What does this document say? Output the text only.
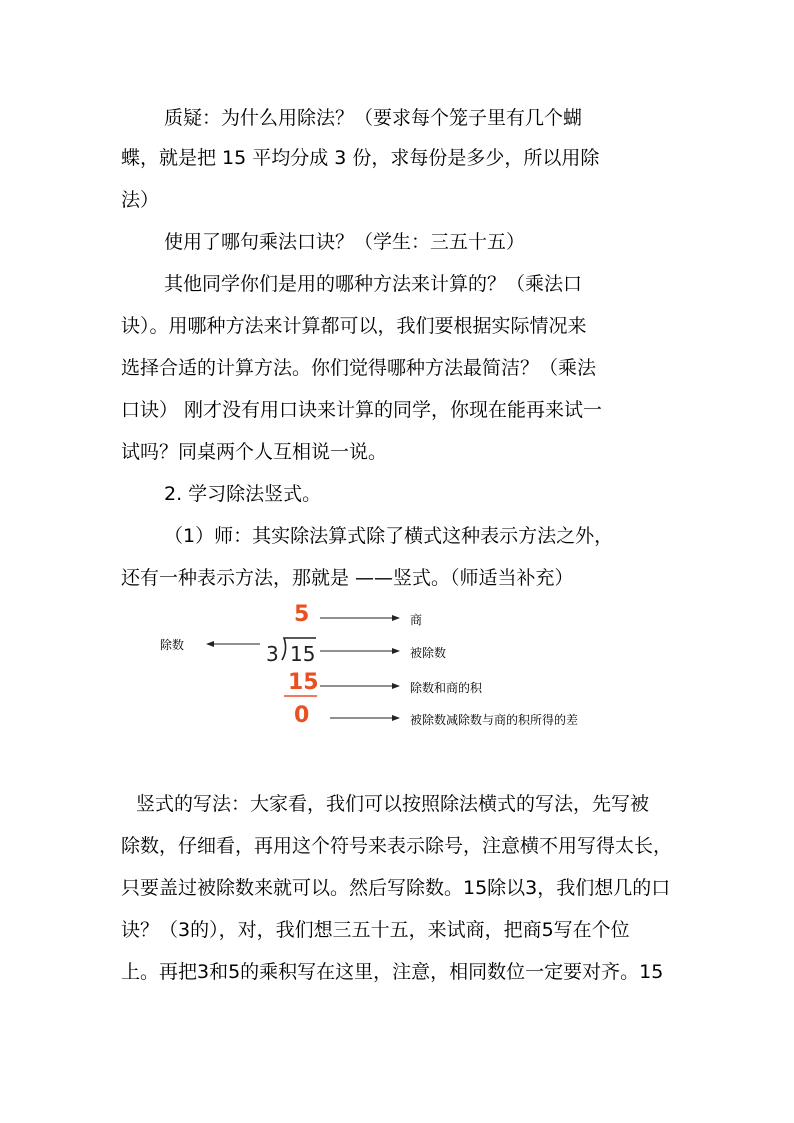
质疑：为什么用除法？（要求每个笼子里有几个蝴
蝶，就是把 15 平均分成 3 份，求每份是多少，所以用除
法）
使用了哪句乘法口诀？（学生：三五十五）
其他同学你们是用的哪种方法来计算的？（乘法口
诀）。用哪种方法来计算都可以，我们要根据实际情况来
选择合适的计算方法。你们觉得哪种方法最简洁？（乘法
口诀） 刚才没有用口诀来计算的同学，你现在能再来试一
试吗？同桌两个人互相说一说。
2. 学习除法竖式。
（1）师：其实除法算式除了横式这种表示方法之外，
还有一种表示方法，那就是 ——竖式。（师适当补充）
5
3 15
15
0
除数
商
被除数
除数和商的积
被除数减除数与商的积所得的差
竖式的写法：大家看，我们可以按照除法横式的写法，先写被
除数，仔细看，再用这个符号来表示除号，注意横不用写得太长，
只要盖过被除数来就可以。然后写除数。15除以3，我们想几的口
诀？（3的），对，我们想三五十五，来试商，把商5写在个位
上。再把3和5的乘积写在这里，注意，相同数位一定要对齐。15
